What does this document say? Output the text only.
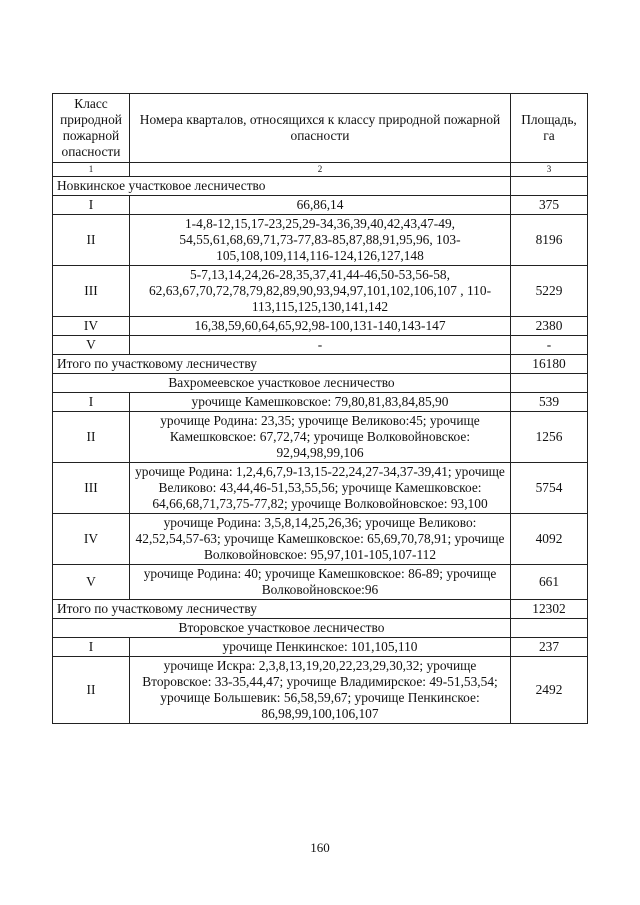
Класс природной пожарной опасности	Номера кварталов, относящихся к классу природной пожарной опасности	Площадь, га
1	2	3
Новкинское участковое лесничество		
I	66,86,14	375
II	1-4,8-12,15,17-23,25,29-34,36,39,40,42,43,47-49, 54,55,61,68,69,71,73-77,83-85,87,88,91,95,96, 103-105,108,109,114,116-124,126,127,148	8196
III	5-7,13,14,24,26-28,35,37,41,44-46,50-53,56-58, 62,63,67,70,72,78,79,82,89,90,93,94,97,101,102,106,107 , 110-113,115,125,130,141,142	5229
IV	16,38,59,60,64,65,92,98-100,131-140,143-147	2380
V	-	-
Итого по участковому лесничеству		16180
Вахромеевское участковое лесничество		
I	урочище Камешковское: 79,80,81,83,84,85,90	539
II	урочище Родина: 23,35; урочище Великово:45; урочище Камешковское: 67,72,74; урочище Волковойновское: 92,94,98,99,106	1256
III	урочище Родина: 1,2,4,6,7,9-13,15-22,24,27-34,37-39,41; урочище Великово: 43,44,46-51,53,55,56; урочище Камешковское: 64,66,68,71,73,75-77,82; урочище Волковойновское: 93,100	5754
IV	урочище Родина: 3,5,8,14,25,26,36; урочище Великово: 42,52,54,57-63; урочище Камешковское: 65,69,70,78,91; урочище Волковойновское: 95,97,101-105,107-112	4092
V	урочище Родина: 40; урочище Камешковское: 86-89; урочище Волковойновское:96	661
Итого по участковому лесничеству		12302
Второвское участковое лесничество		
I	урочище Пенкинское: 101,105,110	237
II	урочище Искра: 2,3,8,13,19,20,22,23,29,30,32; урочище Второвское: 33-35,44,47; урочище Владимирское: 49-51,53,54; урочище Большевик: 56,58,59,67; урочище Пенкинское: 86,98,99,100,106,107	2492
160
